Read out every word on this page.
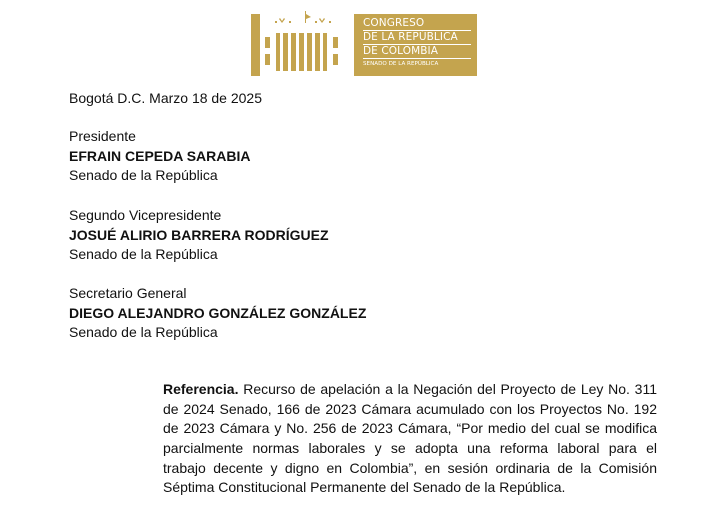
CONGRESO
DE LA REPÚBLICA
DE COLOMBIA
SENADO DE LA REPÚBLICA
Bogotá D.C. Marzo 18 de 2025
Presidente
EFRAIN CEPEDA SARABIA
Senado de la República
Segundo Vicepresidente
JOSUÉ ALIRIO BARRERA RODRÍGUEZ
Senado de la República
Secretario General
DIEGO ALEJANDRO GONZÁLEZ GONZÁLEZ
Senado de la República
Referencia. Recurso de apelación a la Negación del Proyecto de Ley No. 311
de 2024 Senado, 166 de 2023 Cámara acumulado con los Proyectos No. 192
de 2023 Cámara y No. 256 de 2023 Cámara, “Por medio del cual se modifica
parcialmente normas laborales y se adopta una reforma laboral para el
trabajo decente y digno en Colombia”, en sesión ordinaria de la Comisión
Séptima Constitucional Permanente del Senado de la República.
